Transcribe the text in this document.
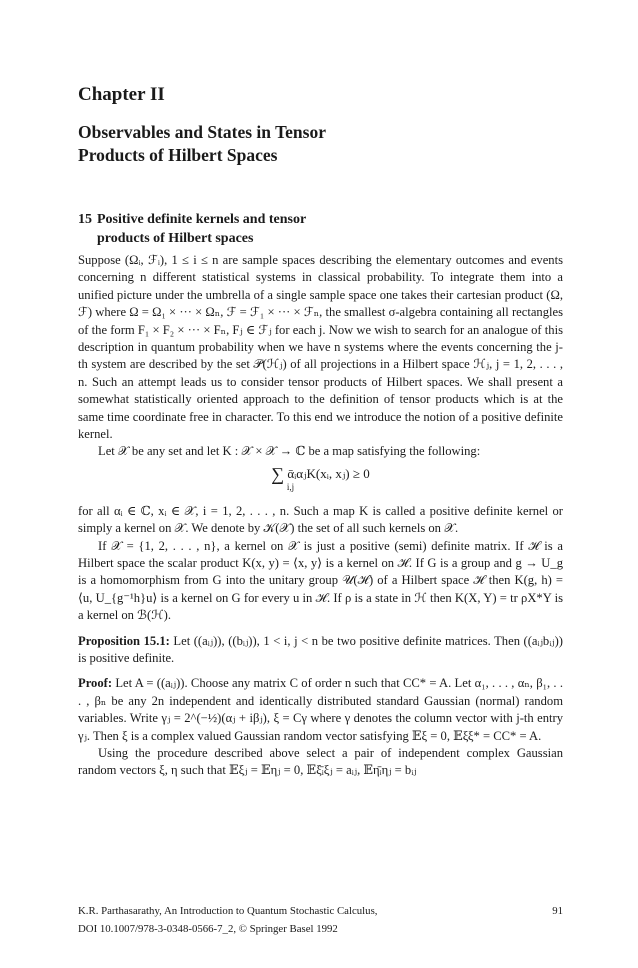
Chapter II
Observables and States in Tensor
Products of Hilbert Spaces
15 Positive definite kernels and tensor
products of Hilbert spaces

Suppose (Ωᵢ, ℱᵢ), 1 ≤ i ≤ n are sample spaces describing the elementary outcomes and events concerning n different statistical systems in classical probability. To integrate them into a unified picture under the umbrella of a single sample space one takes their cartesian product (Ω, ℱ) where Ω = Ω₁ × ··· × Ωₙ, ℱ = ℱ₁ × ··· × ℱₙ, the smallest σ-algebra containing all rectangles of the form F₁ × F₂ × ··· × Fₙ, Fⱼ ∈ ℱⱼ for each j. Now we wish to search for an analogue of this description in quantum probability when we have n systems where the events concerning the j-th system are described by the set 𝒫(ℋⱼ) of all projections in a Hilbert space ℋⱼ, j = 1, 2, . . . , n. Such an attempt leads us to consider tensor products of Hilbert spaces. We shall present a somewhat statistically oriented approach to the definition of tensor products which is at the same time coordinate free in character. To this end we introduce the notion of a positive definite kernel.

Let 𝒳 be any set and let K : 𝒳 × 𝒳 → ℂ be a map satisfying the following:

∑ ᾱᵢαⱼK(xᵢ, xⱼ) ≥ 0
i,j

for all αᵢ ∈ ℂ, xᵢ ∈ 𝒳, i = 1, 2, . . . , n. Such a map K is called a positive definite kernel or simply a kernel on 𝒳. We denote by 𝒦(𝒳) the set of all such kernels on 𝒳.

If 𝒳 = {1, 2, . . . , n}, a kernel on 𝒳 is just a positive (semi) definite matrix. If ℋ is a Hilbert space the scalar product K(x, y) = ⟨x, y⟩ is a kernel on ℋ. If G is a group and g → U_g is a homomorphism from G into the unitary group 𝒰(ℋ) of a Hilbert space ℋ then K(g, h) = ⟨u, U_{g⁻¹h}u⟩ is a kernel on G for every u in ℋ. If ρ is a state in ℋ then K(X, Y) = tr ρX*Y is a kernel on ℬ(ℋ).

Proposition 15.1: Let ((aᵢⱼ)), ((bᵢⱼ)), 1 < i, j < n be two positive definite matrices. Then ((aᵢⱼbᵢⱼ)) is positive definite.

Proof: Let A = ((aᵢⱼ)). Choose any matrix C of order n such that CC* = A. Let α₁, . . . , αₙ, β₁, . . . , βₙ be any 2n independent and identically distributed standard Gaussian (normal) random variables. Write γⱼ = 2^(−½)(αⱼ + iβⱼ), ξ = Cγ where γ denotes the column vector with j-th entry γⱼ. Then ξ is a complex valued Gaussian random vector satisfying 𝔼ξ = 0, 𝔼ξξ* = CC* = A.

Using the procedure described above select a pair of independent complex Gaussian random vectors ξ, η such that 𝔼ξⱼ = 𝔼ηⱼ = 0, 𝔼ξ̄ᵢξⱼ = aᵢⱼ, 𝔼η̄ᵢηⱼ = bᵢⱼ

K.R. Parthasarathy, An Introduction to Quantum Stochastic Calculus,
DOI 10.1007/978-3-0348-0566-7_2, © Springer Basel 1992
91
